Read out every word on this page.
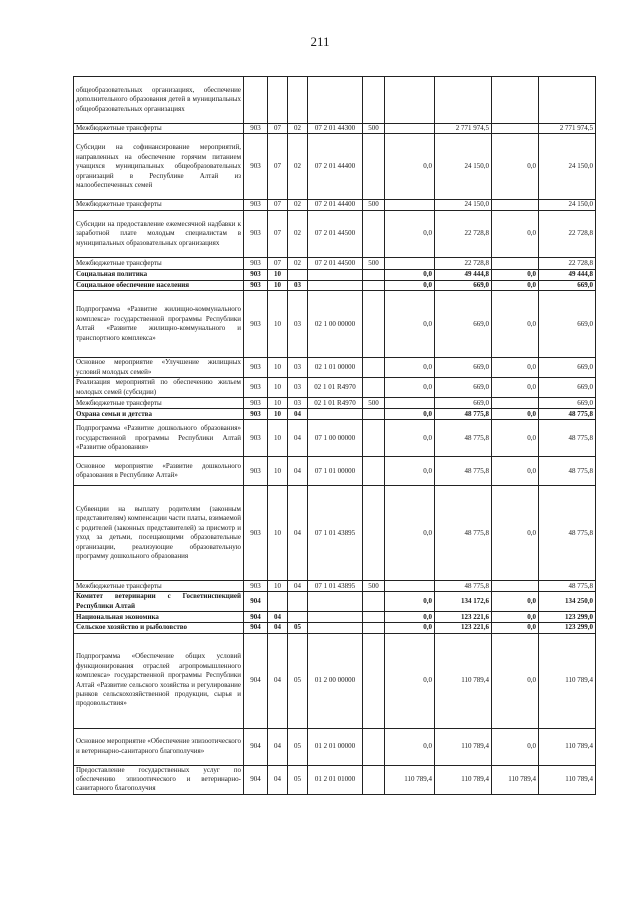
211
общеобразовательных организациях, обеспечение дополнительного образования детей в муниципальных общеобразовательных организациях									
Межбюджетные трансферты	903	07	02	07 2 01 44300	500		2 771 974,5		2 771 974,5
Субсидии на софинансирование мероприятий, направленных на обеспечение горячим питанием учащихся муниципальных общеобразовательных организаций в Республике Алтай из малообеспеченных семей	903	07	02	07 2 01 44400		0,0	24 150,0	0,0	24 150,0
Межбюджетные трансферты	903	07	02	07 2 01 44400	500		24 150,0		24 150,0
Субсидии на предоставление ежемесячной надбавки к заработной плате молодым специалистам в муниципальных образовательных организациях	903	07	02	07 2 01 44500		0,0	22 728,8	0,0	22 728,8
Межбюджетные трансферты	903	07	02	07 2 01 44500	500		22 728,8		22 728,8
Социальная политика	903	10				0,0	49 444,8	0,0	49 444,8
Социальное обеспечение населения	903	10	03			0,0	669,0	0,0	669,0
Подпрограмма «Развитие жилищно-коммунального комплекса» государственной программы Республики Алтай «Развитие жилищно-коммунального и транспортного комплекса»	903	10	03	02 1 00 00000		0,0	669,0	0,0	669,0
Основное мероприятие «Улучшение жилищных условий молодых семей»	903	10	03	02 1 01 00000		0,0	669,0	0,0	669,0
Реализация мероприятий по обеспечению жильем молодых семей (субсидии)	903	10	03	02 1 01 R4970		0,0	669,0	0,0	669,0
Межбюджетные трансферты	903	10	03	02 1 01 R4970	500		669,0		669,0
Охрана семьи и детства	903	10	04			0,0	48 775,8	0,0	48 775,8
Подпрограмма «Развитие дошкольного образования» государственной программы Республики Алтай «Развитие образования»	903	10	04	07 1 00 00000		0,0	48 775,8	0,0	48 775,8
Основное мероприятие «Развитие дошкольного образования в Республике Алтай»	903	10	04	07 1 01 00000		0,0	48 775,8	0,0	48 775,8
Субвенции на выплату родителям (законным представителям) компенсации части платы, взимаемой с родителей (законных представителей) за присмотр и уход за детьми, посещающими образовательные организации, реализующие образовательную программу дошкольного образования	903	10	04	07 1 01 43895		0,0	48 775,8	0,0	48 775,8
Межбюджетные трансферты	903	10	04	07 1 01 43895	500		48 775,8		48 775,8
Комитет ветеринарии с Госветинспекцией Республики Алтай	904					0,0	134 172,6	0,0	134 250,0
Национальная экономика	904	04				0,0	123 221,6	0,0	123 299,0
Сельское хозяйство и рыболовство	904	04	05			0,0	123 221,6	0,0	123 299,0
Подпрограмма «Обеспечение общих условий функционирования отраслей агропромышленного комплекса» государственной программы Республики Алтай «Развитие сельского хозяйства и регулирование рынков сельскохозяйственной продукции, сырья и продовольствия»	904	04	05	01 2 00 00000		0,0	110 789,4	0,0	110 789,4
Основное мероприятие «Обеспечение эпизоотического и ветеринарно-санитарного благополучия»	904	04	05	01 2 01 00000		0,0	110 789,4	0,0	110 789,4
Предоставление государственных услуг по обеспечению эпизоотического и ветеринарно-санитарного благополучия	904	04	05	01 2 01 01000		110 789,4	110 789,4	110 789,4	110 789,4
